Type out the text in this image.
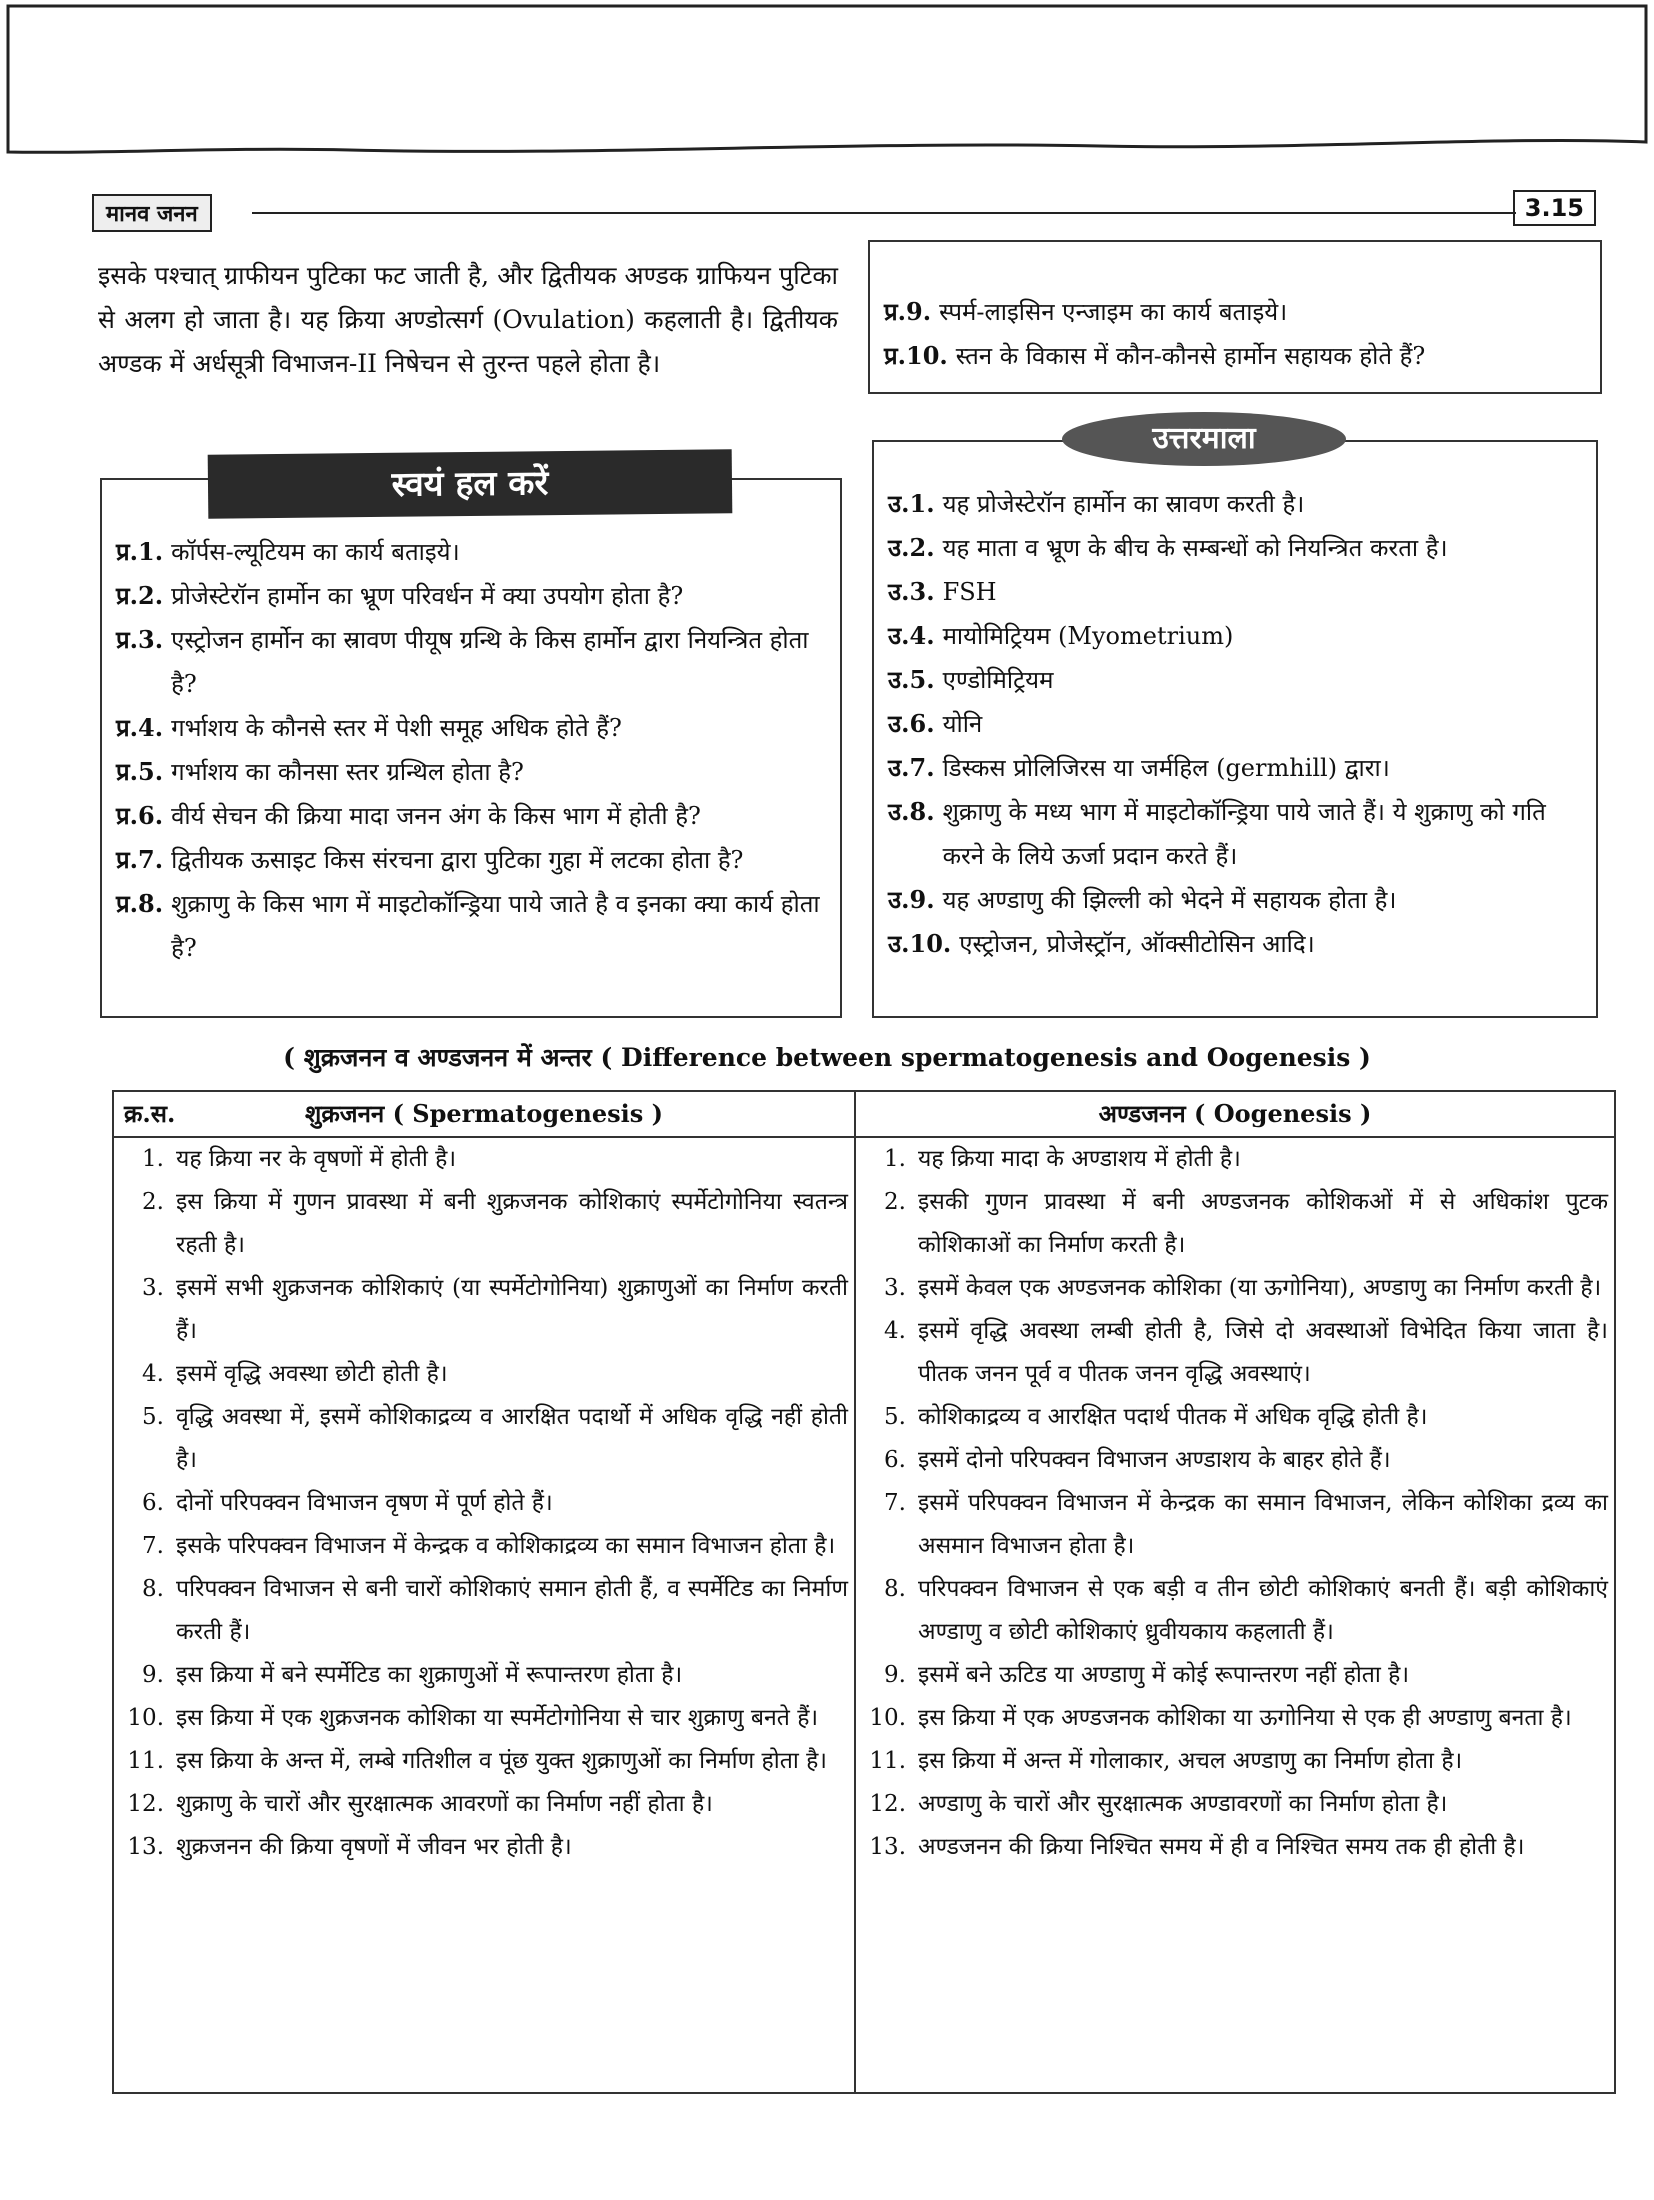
मानव जनन	3.15

इसके पश्चात् ग्राफीयन पुटिका फट जाती है, और द्वितीयक अण्डक ग्राफियन पुटिका से अलग हो जाता है। यह क्रिया अण्डोत्सर्ग (Ovulation) कहलाती है। द्वितीयक अण्डक में अर्धसूत्री विभाजन-II निषेचन से तुरन्त पहले होता है।

प्र.1. कॉर्पस-ल्यूटियम का कार्य बताइये।
प्र.2. प्रोजेस्टेरॉन हार्मोन का भ्रूण परिवर्धन में क्या उपयोग होता है?
प्र.3. एस्ट्रोजन हार्मोन का स्रावण पीयूष ग्रन्थि के किस हार्मोन द्वारा नियन्त्रित होता है?
प्र.4. गर्भाशय के कौनसे स्तर में पेशी समूह अधिक होते हैं?
प्र.5. गर्भाशय का कौनसा स्तर ग्रन्थिल होता है?
प्र.6. वीर्य सेचन की क्रिया मादा जनन अंग के किस भाग में होती है?
प्र.7. द्वितीयक ऊसाइट किस संरचना द्वारा पुटिका गुहा में लटका होता है?
प्र.8. शुक्राणु के किस भाग में माइटोकॉन्ड्रिया पाये जाते है व इनका क्या कार्य होता है?
स्वयं हल करें
प्र.9. स्पर्म-लाइसिन एन्जाइम का कार्य बताइये।
प्र.10. स्तन के विकास में कौन-कौनसे हार्मोन सहायक होते हैं?
उ.1. यह प्रोजेस्टेरॉन हार्मोन का स्रावण करती है।
उ.2. यह माता व भ्रूण के बीच के सम्बन्धों को नियन्त्रित करता है।
उ.3. FSH
उ.4. मायोमिट्रियम (Myometrium)
उ.5. एण्डोमिट्रियम
उ.6. योनि
उ.7. डिस्कस प्रोलिजिरस या जर्महिल (germhill) द्वारा।
उ.8. शुक्राणु के मध्य भाग में माइटोकॉन्ड्रिया पाये जाते हैं। ये शुक्राणु को गति करने के लिये ऊर्जा प्रदान करते हैं।
उ.9. यह अण्डाणु की झिल्ली को भेदने में सहायक होता है।
उ.10. एस्ट्रोजन, प्रोजेस्ट्रॉन, ऑक्सीटोसिन आदि।
उत्तरमाला
( शुक्रजनन व अण्डजनन में अन्तर ( Difference between spermatogenesis and Oogenesis )
शुक्रजनन ( Spermatogenesis )
क्र.स.
1. यह क्रिया नर के वृषणों में होती है।
2. इस क्रिया में गुणन प्रावस्था में बनी शुक्रजनक कोशिकाएं स्पर्मेटोगोनिया स्वतन्त्र रहती है।
3. इसमें सभी शुक्रजनक कोशिकाएं (या स्पर्मेटोगोनिया) शुक्राणुओं का निर्माण करती हैं।
4. इसमें वृद्धि अवस्था छोटी होती है।
5. वृद्धि अवस्था में, इसमें कोशिकाद्रव्य व आरक्षित पदार्थो में अधिक वृद्धि नहीं होती है।
6. दोनों परिपक्वन विभाजन वृषण में पूर्ण होते हैं।
7. इसके परिपक्वन विभाजन में केन्द्रक व कोशिकाद्रव्य का समान विभाजन होता है।
8. परिपक्वन विभाजन से बनी चारों कोशिकाएं समान होती हैं, व स्पर्मेटिड का निर्माण करती हैं।
9. इस क्रिया में बने स्पर्मेटिड का शुक्राणुओं में रूपान्तरण होता है।
10. इस क्रिया में एक शुक्रजनक कोशिका या स्पर्मेटोगोनिया से चार शुक्राणु बनते हैं।
11. इस क्रिया के अन्त में, लम्बे गतिशील व पूंछ युक्त शुक्राणुओं का निर्माण होता है।
12. शुक्राणु के चारों और सुरक्षात्मक आवरणों का निर्माण नहीं होता है।
13. शुक्रजनन की क्रिया वृषणों में जीवन भर होती है।
अण्डजनन ( Oogenesis )
1. यह क्रिया मादा के अण्डाशय में होती है।
2. इसकी गुणन प्रावस्था में बनी अण्डजनक कोशिकओं में से अधिकांश पुटक कोशिकाओं का निर्माण करती है।
3. इसमें केवल एक अण्डजनक कोशिका (या ऊगोनिया), अण्डाणु का निर्माण करती है।
4. इसमें वृद्धि अवस्था लम्बी होती है, जिसे दो अवस्थाओं विभेदित किया जाता है। पीतक जनन पूर्व व पीतक जनन वृद्धि अवस्थाएं।
5. कोशिकाद्रव्य व आरक्षित पदार्थ पीतक में अधिक वृद्धि होती है।
6. इसमें दोनो परिपक्वन विभाजन अण्डाशय के बाहर होते हैं।
7. इसमें परिपक्वन विभाजन में केन्द्रक का समान विभाजन, लेकिन कोशिका द्रव्य का असमान विभाजन होता है।
8. परिपक्वन विभाजन से एक बड़ी व तीन छोटी कोशिकाएं बनती हैं। बड़ी कोशिकाएं अण्डाणु व छोटी कोशिकाएं ध्रुवीयकाय कहलाती हैं।
9. इसमें बने ऊटिड या अण्डाणु में कोई रूपान्तरण नहीं होता है।
10. इस क्रिया में एक अण्डजनक कोशिका या ऊगोनिया से एक ही अण्डाणु बनता है।
11. इस क्रिया में अन्त में गोलाकार, अचल अण्डाणु का निर्माण होता है।
12. अण्डाणु के चारों और सुरक्षात्मक अण्डावरणों का निर्माण होता है।
13. अण्डजनन की क्रिया निश्चित समय में ही व निश्चित समय तक ही होती है।
